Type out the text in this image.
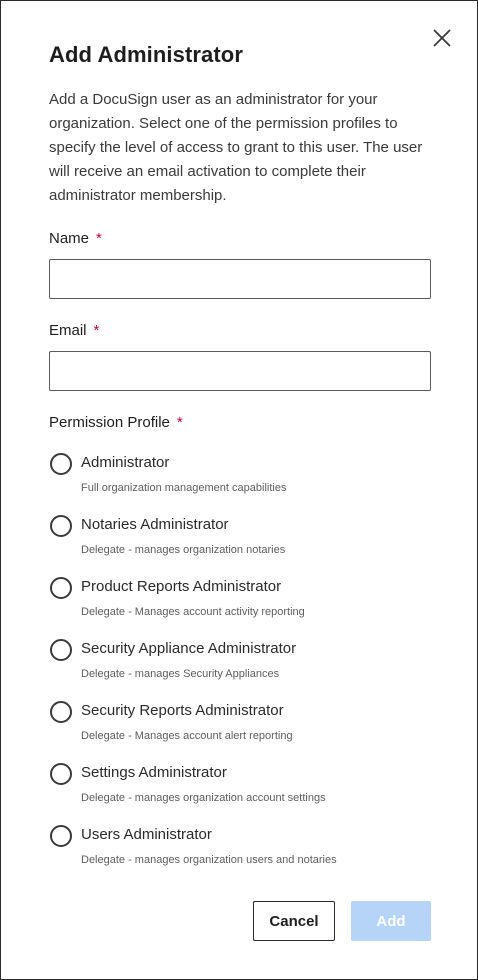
Add Administrator

Add a DocuSign user as an administrator for your organization. Select one of the permission profiles to specify the level of access to grant to this user. The user will receive an email activation to complete their administrator membership.

Name *
Email *
Permission Profile *
Administrator
Full organization management capabilities
Notaries Administrator
Delegate - manages organization notaries
Product Reports Administrator
Delegate - Manages account activity reporting
Security Appliance Administrator
Delegate - manages Security Appliances
Security Reports Administrator
Delegate - Manages account alert reporting
Settings Administrator
Delegate - manages organization account settings
Users Administrator
Delegate - manages organization users and notaries
Cancel	Add
